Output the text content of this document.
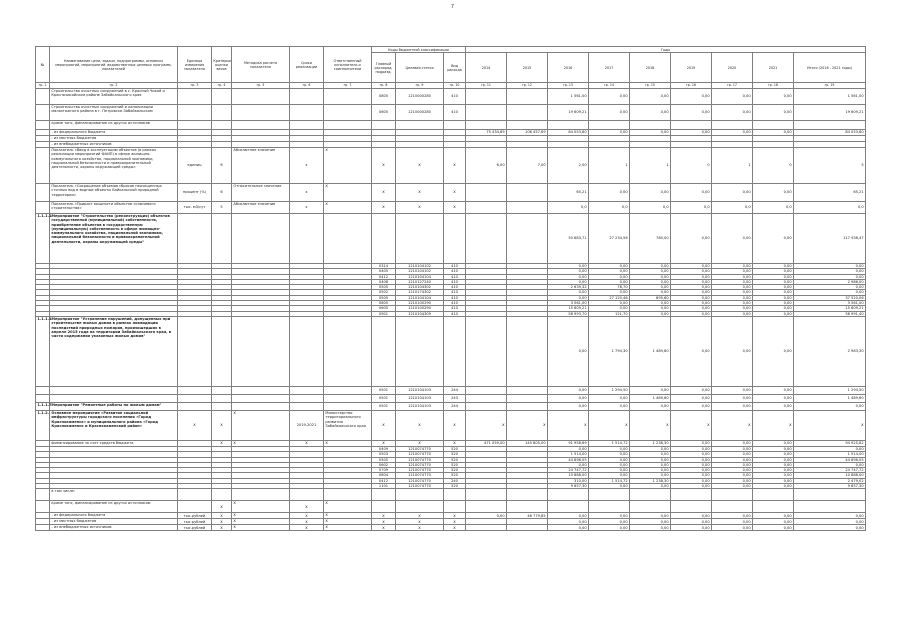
7
№	Наименование цели, задачи, подпрограммы, основных мероприятий, мероприятий, ведомственных целевых программ, показателей	Единица измерения показателя	Критерии оценки весов	Методика расчета показателя	Сроки реализации	Ответственный исполнитель и соисполнители	Коды бюджетной классификации			Годы								
							Главный распоряд. подразд.	Целевая статья	Вид расхода	2014	2015	2016	2017	2018	2019	2020	2021	Итого (2016 - 2021 годы)

гр. 1	гр. 2	гр. 3	гр. 4	гр. 5	гр. 6	гр. 7	гр. 8	гр. 9	гр. 10	гр. 11	гр. 12	гр. 13	гр. 14	гр. 15	гр. 16	гр. 17	гр. 18	гр. 19
	Строительство очистных сооружений в с. Красный Чикой и Красночикойском районе Забайкальского края						0805	1210000280	410			1 561,00	0,00	0,00	0,00	0,00	0,00	1 561,00
	Строительство очистных сооружений и канализации малоэтажного района в г. Петровске-Забайкальском						0605	1210000280	410			19 609,21	0,00	0,00	0,00	0,00	0,00	19 609,21
	кроме того, финансирование из других источников																	
	- из федерального бюджета									75 434,89	106 457,69	84 053,80	0,00	0,00	0,00	0,00	0,00	84 053,80
	- из местных бюджетов																	
	- из внебюджетных источников																	
	Показатель «Ввод в эксплуатацию объектов (в рамках реализации мероприятий ФАИП) в сфере жилищно-коммунального хозяйства, национальной экономики, национальной безопасности и правоохранительной деятельности, охраны окружающей среды»	единиц	6	Абсолютное значение	х	Х	Х	Х	Х	6,00	7,00	2,00	1	1	0	1	0	5
	Показатель «Сокращение объемов сбросов неочищенных сточных вод в водные объекты Байкальской природной территории»	процент (%)	6	Относительное значение	х	Х	Х	Х	Х			65,21	0,00	0,00	0,00	0,00	0,00	65,21
	Показатель «Прирост мощности объектов «ключевого строительства»	тыс. м3/сут	5	Абсолютное значение	х	Х	Х	Х	Х			0,0	0,0	0,0	0,0	0,0	0,0	0,0
1.1.1.1.	Мероприятие "Строительство (реконструкция) объектов государственной (муниципальной) собственности, приобретение объектов в государственную (муниципальную) собственность в сфере жилищно-коммунального хозяйства, национальной экономики, национальной безопасности и правоохранительной деятельности, охраны окружающей среды"											50 683,71	27 234,56	780,00	0,00	0,00	0,00	117 938,47
							0314	1210104102	410			0,00	0,00	0,00	0,00	0,00	0,00	0,00
							0405	1210104102	410			0,00	0,00	0,00	0,00	0,00	0,00	0,00
							0412	1210104104	410			0,00	0,00	0,00	0,00	0,00	0,00	0,00
							0408	1210127240	410			0,00	0,00	0,00	0,00	0,00	0,00	2 986,00
							0505	1210104302	410			2 639,32	78,70	0,00	0,00	0,00	0,00	0,00
							0502	1210174302	410			0,00	0,00	0,00	0,00	0,00	0,00	0,00
							0505	1210104104	410			0,00	27 120,46	895,60	0,00	0,00	0,00	37 520,06
							0605	1210100290	410			3 561,00	0,00	0,00	0,00	0,00	0,00	3 561,00
							0605	1210100290	410			15 609,21	0,00	0,00	0,00	0,00	0,00	15 609,21
							0901	1210104309	410			58 993,70	121,70	0,00	0,00	0,00	0,00	58 991,40
1.1.1.1.	Мероприятие "Устранение нарушений, допущенных при строительстве жилых домов в рамках ликвидации последствий природных пожаров, произошедших в апреле 2015 года на территории Забайкальского края, в части содержания указанных жилых домов"											0,00	1 794,30	1 489,60	0,00	0,00	0,00	2 983,30
							0501	1210104103	244			0,00	1 294,50	0,00	0,00	0,00	0,00	1 294,50
							0501	1210104103	243			0,00	0,00	1 489,60	0,00	0,00	0,00	1 489,60
1.1.1.7.	Мероприятие "Ремонтные работы по жилым домам"						0501	1210104103	244			0,00	0,00	0,00	0,00	0,00	0,00	0,00
1.1.2.	Основное мероприятие «Развитие социальной инфраструктуры городского поселения «Город Краснокаменск» и муниципального района «Город Краснокаменск и Краснокаменский район»	Х	Х	Х	2019-2021	Министерство территориального развития Забайкальского края	Х	Х	Х	Х	Х	Х	Х	Х	Х	Х	Х	Х
	финансирование за счет средств бюджета		Х	Х	Х	Х	Х	Х	Х	471 059,00	145 805,00	91 958,69	1 514,72	1 238,30	0,00	0,00	0,00	94 925,82
							0409	1210074770	520			0,00	0,00	0,00	0,00	0,00	0,00	0,00
							0503	1210074770	520			1 514,00	0,00	0,00	0,00	0,00	0,00	1 514,00
							0505	1210074770	520			44 896,05	0,00	0,00	0,00	0,00	0,00	44 896,05
							0602	1210074770	520			0,00	0,00	0,00	0,00	0,00	0,00	0,00
							0709	1210074770	520			24 747,72	0,00	0,00	0,00	0,00	0,00	24 747,72
							0804	1210074770	520			10 888,00	0,00	0,00	0,00	0,00	0,00	10 888,00
							0412	1210074770	240			310,00	1 514,72	1 238,30	0,00	0,00	0,00	2 479,02
							1101	1210074770	520			9 657,30	0,00	0,00	0,00	0,00	0,00	9 657,30
	в том числе:																	
	кроме того, финансирование из других источников:		Х	Х	Х	Х												
	- из федерального бюджета	тыс.рублей	Х	Х	Х	Х	Х	Х	Х	0,00	46 779,85	0,00	0,00	0,00	0,00	0,00	0,00	0,00
	- из местных бюджетов	тыс.рублей	Х	Х	Х	Х	Х	Х	Х			0,00	0,00	0,00	0,00	0,00	0,00	0,00
	- из внебюджетных источников	тыс.рублей	Х	Х	Х	Х	Х	Х	Х			0,00	0,00	0,00	0,00	0,00	0,00	0,00
